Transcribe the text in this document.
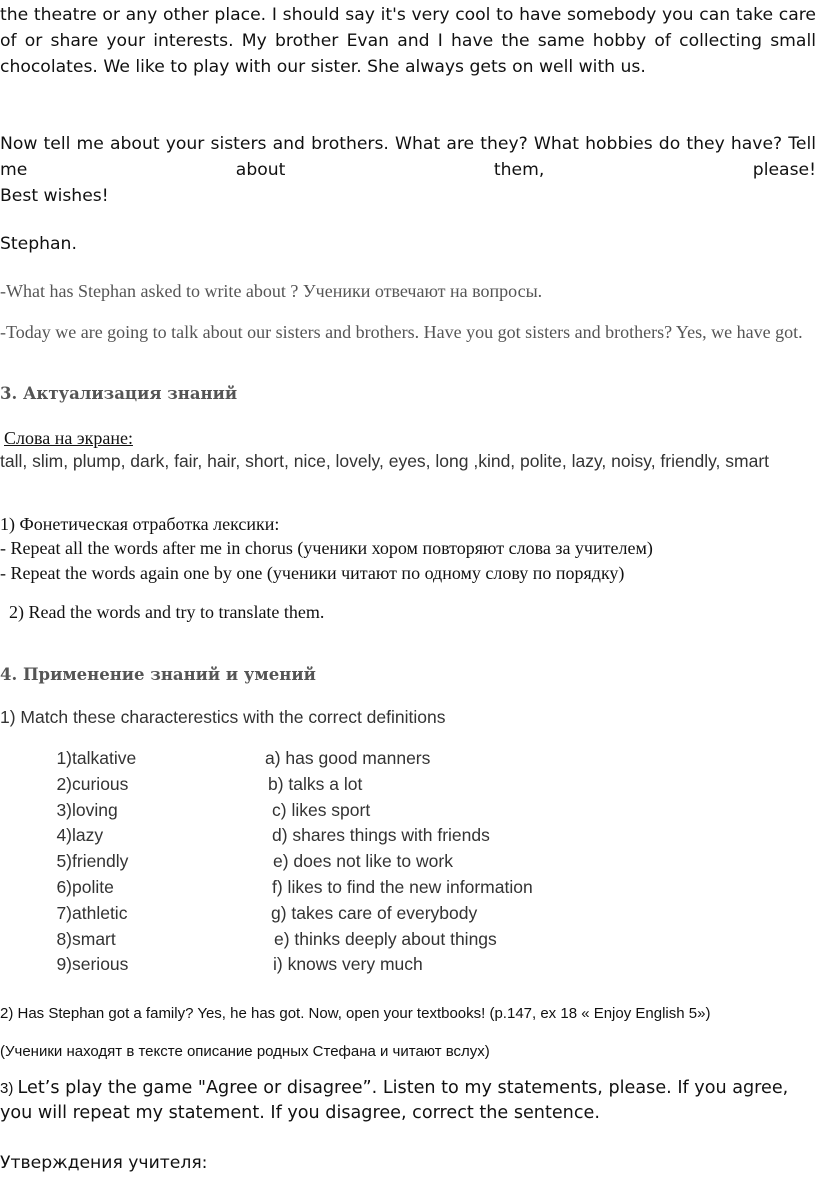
the theatre or any other place. I should say it's very cool to have somebody you can take care of or share your interests. My brother Evan and I have the same hobby of collecting small chocolates. We like to play with our sister. She always gets on well with us.

Now tell me about your sisters and brothers. What are they? What hobbies do they have? Tell me about them, please!

Best wishes!

Stephan.

-What has Stephan asked to write about ? Ученики отвечают на вопросы.

-Today we are going to talk about our sisters and brothers. Have you got sisters and brothers? Yes, we have got.

3. Актуализация знаний

Слова на экране:

tall, slim, plump, dark, fair, hair, short, nice, lovely, eyes, long ,kind, polite, lazy, noisy, friendly, smart

1) Фонетическая отработка лексики:

- Repeat all the words after me in chorus (ученики хором повторяют слова за учителем)

- Repeat the words again one by one (ученики читают по одному слову по порядку)

2) Read the words and try to translate them.

4. Применение знаний и умений

1) Match these characterestics with the correct definitions

1) talkative	a) has good manners
2) curious	b) talks a lot
3) loving	c) likes sport
4) lazy	d) shares things with friends
5) friendly	e) does not like to work
6) polite	f) likes to find the new information
7) athletic	g) takes care of everybody
8) smart	e) thinks deeply about things
9) serious	i) knows very much

2) Has Stephan got a family? Yes, he has got. Now, open your textbooks! (p.147, ex 18 « Enjoy English 5»)

(Ученики находят в тексте описание родных Стефана и читают вслух)

3) Let’s play the game "Agree or disagree”. Listen to my statements, please. If you agree, you will repeat my statement. If you disagree, correct the sentence.

Утверждения учителя:
